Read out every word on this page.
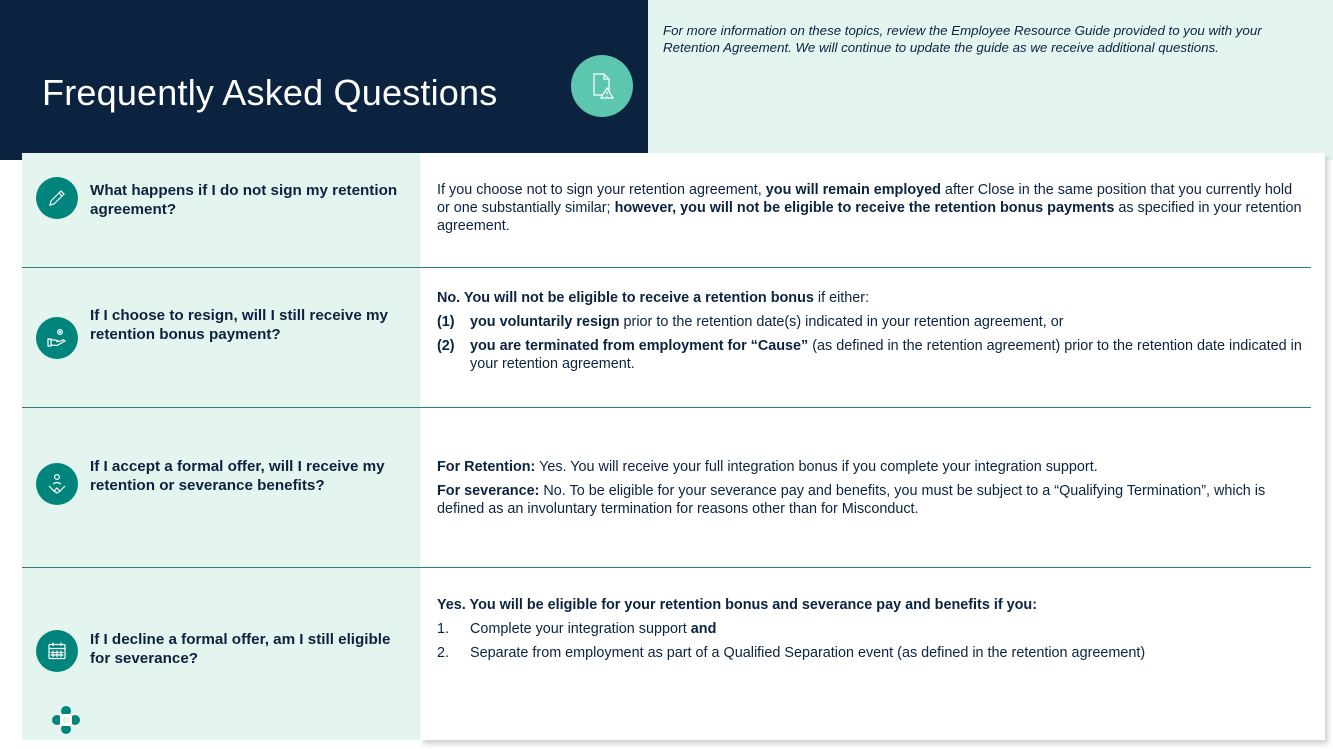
Frequently Asked Questions

For more information on these topics, review the Employee Resource Guide provided to you with your Retention Agreement. We will continue to update the guide as we receive additional questions.

What happens if I do not sign my retention agreement?

If you choose not to sign your retention agreement, you will remain employed after Close in the same position that you currently hold or one substantially similar; however, you will not be eligible to receive the retention bonus payments as specified in your retention agreement.

If I choose to resign, will I still receive my retention bonus payment?

No. You will not be eligible to receive a retention bonus if either:

(1)	you voluntarily resign prior to the retention date(s) indicated in your retention agreement, or
(2)	you are terminated from employment for “Cause” (as defined in the retention agreement) prior to the retention date indicated in your retention agreement.

If I accept a formal offer, will I receive my retention or severance benefits?

For Retention: Yes. You will receive your full integration bonus if you complete your integration support.

For severance: No. To be eligible for your severance pay and benefits, you must be subject to a “Qualifying Termination”, which is defined as an involuntary termination for reasons other than for Misconduct.

If I decline a formal offer, am I still eligible for severance?

Yes. You will be eligible for your retention bonus and severance pay and benefits if you:

1.	Complete your integration support and
2.	Separate from employment as part of a Qualified Separation event (as defined in the retention agreement)
